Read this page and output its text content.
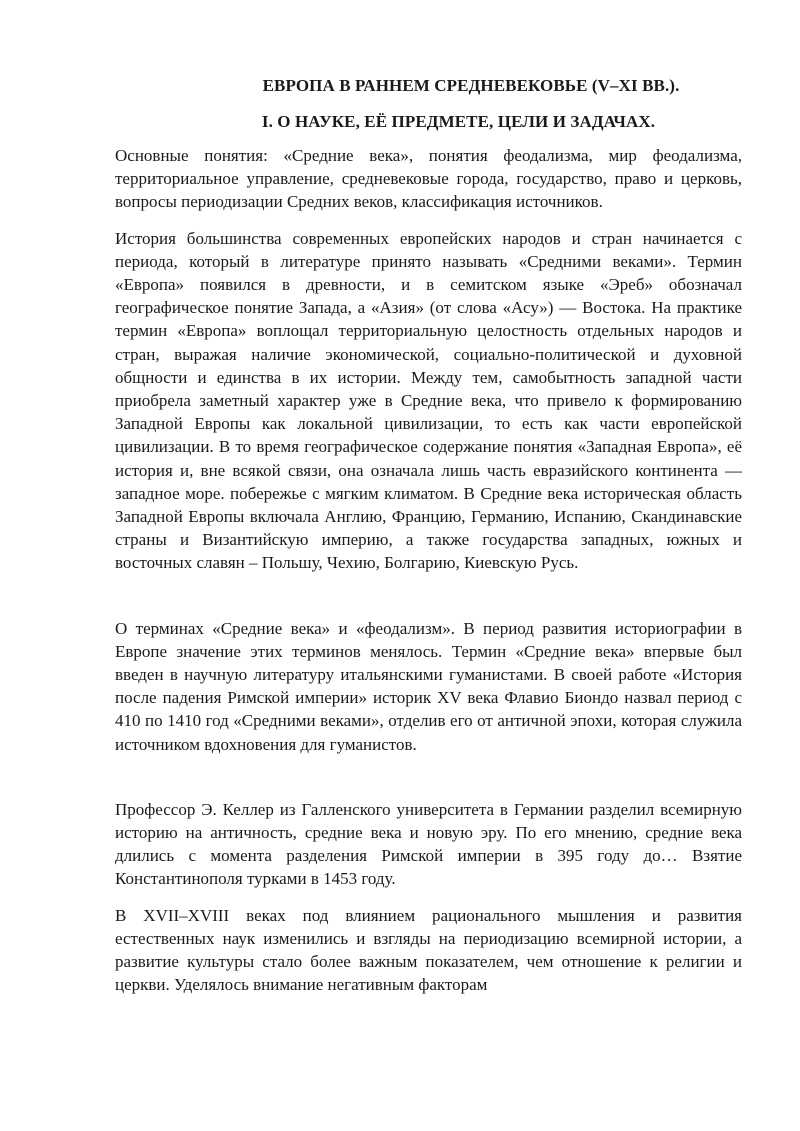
ЕВРОПА В РАННЕМ СРЕДНЕВЕКОВЬЕ (V–XI ВВ.).

I. О НАУКЕ, ЕЁ ПРЕДМЕТЕ, ЦЕЛИ И ЗАДАЧАХ.

Основные понятия: «Средние века», понятия феодализма, мир феодализма, территориальное управление, средневековые города, государство, право и церковь, вопросы периодизации Средних веков, классификация источников.

История большинства современных европейских народов и стран начинается с периода, который в литературе принято называть «Средними веками». Термин «Европа» появился в древности, и в семитском языке «Эреб» обозначал географическое понятие Запада, а «Азия» (от слова «Асу») — Востока. На практике термин «Европа» воплощал территориальную целостность отдельных народов и стран, выражая наличие экономической, социально-политической и духовной общности и единства в их истории. Между тем, самобытность западной части приобрела заметный характер уже в Средние века, что привело к формированию Западной Европы как локальной цивилизации, то есть как части европейской цивилизации. В то время географическое содержание понятия «Западная Европа», её история и, вне всякой связи, она означала лишь часть евразийского континента — западное море. побережье с мягким климатом. В Средние века историческая область Западной Европы включала Англию, Францию, Германию, Испанию, Скандинавские страны и Византийскую империю, а также государства западных, южных и восточных славян – Польшу, Чехию, Болгарию, Киевскую Русь.

О терминах «Средние века» и «феодализм». В период развития историографии в Европе значение этих терминов менялось. Термин «Средние века» впервые был введен в научную литературу итальянскими гуманистами. В своей работе «История после падения Римской империи» историк XV века Флавио Биондо назвал период с 410 по 1410 год «Средними веками», отделив его от античной эпохи, которая служила источником вдохновения для гуманистов.

Профессор Э. Келлер из Галленского университета в Германии разделил всемирную историю на античность, средние века и новую эру. По его мнению, средние века длились с момента разделения Римской империи в 395 году до… Взятие Константинополя турками в 1453 году.

В XVII–XVIII веках под влиянием рационального мышления и развития естественных наук изменились и взгляды на периодизацию всемирной истории, а развитие культуры стало более важным показателем, чем отношение к религии и церкви. Уделялось внимание негативным факторам
